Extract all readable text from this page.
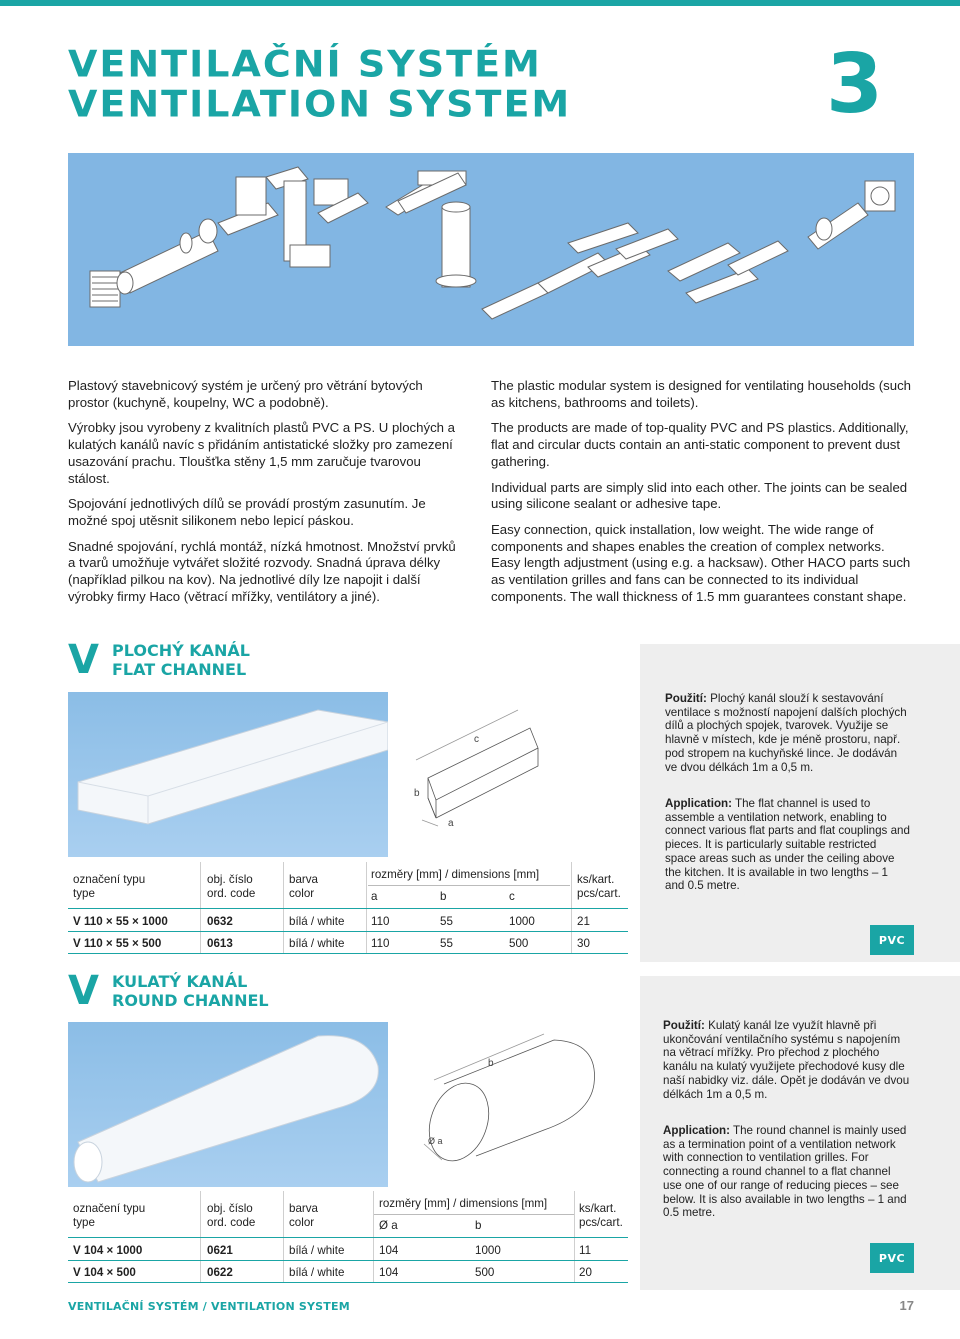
VENTILAČNÍ SYSTÉM
VENTILATION SYSTEM	3

Plastový stavebnicový systém je určený pro větrání bytových prostor (kuchyně, koupelny, WC a podobně).

Výrobky jsou vyrobeny z kvalitních plastů PVC a PS. U plochých a kulatých kanálů navíc s přidáním antistatické složky pro zamezení usazování prachu. Tloušťka stěny 1,5 mm zaručuje tvarovou stálost.

Spojování jednotlivých dílů se provádí prostým zasunutím. Je možné spoj utěsnit silikonem nebo lepicí páskou.

Snadné spojování, rychlá montáž, nízká hmotnost. Množství prvků a tvarů umožňuje vytvářet složité rozvody. Snadná úprava délky (například pilkou na kov). Na jednotlivé díly lze napojit i další výrobky firmy Haco (větrací mřížky, ventilátory a jiné).

The plastic modular system is designed for ventilating households (such as kitchens, bathrooms and toilets).

The products are made of top-quality PVC and PS plastics. Additionally, flat and circular ducts contain an anti-static component to prevent dust gathering.

Individual parts are simply slid into each other. The joints can be sealed using silicone sealant or adhesive tape.

Easy connection, quick installation, low weight. The wide range of components and shapes enables the creation of complex networks. Easy length adjustment (using e.g. a hacksaw). Other HACO parts such as ventilation grilles and fans can be connected to its individual components. The wall thickness of 1.5 mm guarantees constant shape.

V PLOCHÝ KANÁL
FLAT CHANNEL
c
b
a
Použití: Plochý kanál slouží k sestavování ventilace s možností napojení dalších plochých dílů a plochých spojek, tvarovek. Využije se hlavně v místech, kde je méně prostoru, např. pod stropem na kuchyňské lince. Je dodáván ve dvou délkách 1m a 0,5 m.
Application: The flat channel is used to assemble a ventilation network, enabling to connect various flat parts and flat couplings and pieces. It is particularly suitable restricted space areas such as under the ceiling above the kitchen. It is available in two lengths – 1 and 0.5 metre.
PVC
označení typu
type
obj. číslo
ord. code
barva
color
rozměry [mm] / dimensions [mm]
a	b	c
ks/kart.
pcs/cart.
V 110 × 55 × 1000	0632	bílá / white 110	55	1000	21
V 110 × 55 × 500	0613	bílá / white 110	55	500	30
V KULATÝ KANÁL
ROUND CHANNEL
b
Ø a
Použití: Kulatý kanál lze využít hlavně při ukončování ventilačního systému s napojením na větrací mřížky. Pro přechod z plochého kanálu na kulatý využijete přechodové kusy dle naší nabidky viz. dále. Opět je dodáván ve dvou délkách 1m a 0,5 m.
Application: The round channel is mainly used as a termination point of a ventilation network with connection to ventilation grilles. For connecting a round channel to a flat channel use one of our range of reducing pieces – see below. It is also available in two lengths – 1 and 0.5 metre.
PVC
označení typu
type
obj. číslo
ord. code
barva
color
rozměry [mm] / dimensions [mm]
Ø a	b
ks/kart.
pcs/cart.
V 104 × 1000	0621	bílá / white	104	1000	11
V 104 × 500	0622	bílá / white	104	500	20
VENTILAČNÍ SYSTÉM / VENTILATION SYSTEM	17
